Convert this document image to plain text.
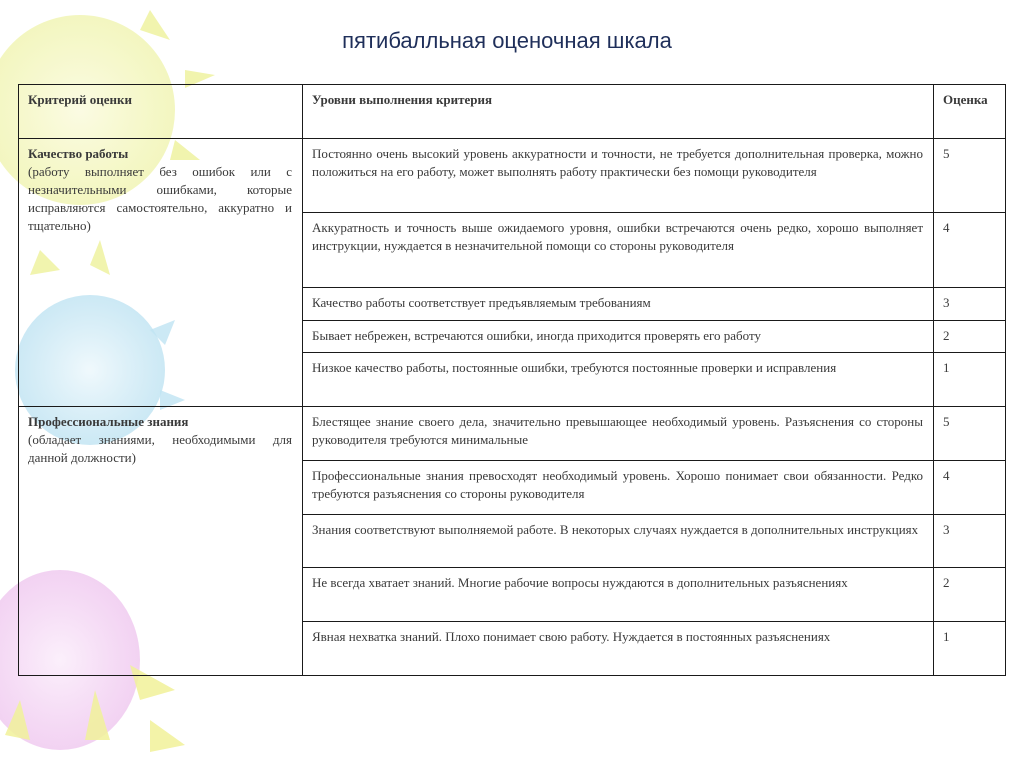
пятибалльная оценочная шкала
Критерий оценки	Уровни выполнения критерия	Оценка

Качество работы
(работу выполняет без ошибок или с незначительными ошибками, которые исправляются самостоятельно, аккуратно и тщательно)	Постоянно очень высокий уровень аккуратности и точности, не требуется дополнительная проверка, можно положиться на его работу, может выполнять работу практически без помощи руководителя	5
	Аккуратность и точность выше ожидаемого уровня, ошибки встречаются очень редко, хорошо выполняет инструкции, нуждается в незначительной помощи со стороны руководителя	4
	Качество работы соответствует предъявляемым требованиям	3
	Бывает небрежен, встречаются ошибки, иногда приходится проверять его работу	2
	Низкое качество работы, постоянные ошибки, требуются постоянные проверки и исправления	1

Профессиональные знания
(обладает знаниями, необходимыми для данной должности)	Блестящее знание своего дела, значительно превышающее необходимый уровень. Разъяснения со стороны руководителя требуются минимальные	5
	Профессиональные знания превосходят необходимый уровень. Хорошо понимает свои обязанности. Редко требуются разъяснения со стороны руководителя	4
	Знания соответствуют выполняемой работе. В некоторых случаях нуждается в дополнительных инструкциях	3
	Не всегда хватает знаний. Многие рабочие вопросы нуждаются в дополнительных разъяснениях	2
	Явная нехватка знаний. Плохо понимает свою работу. Нуждается в постоянных разъяснениях	1
